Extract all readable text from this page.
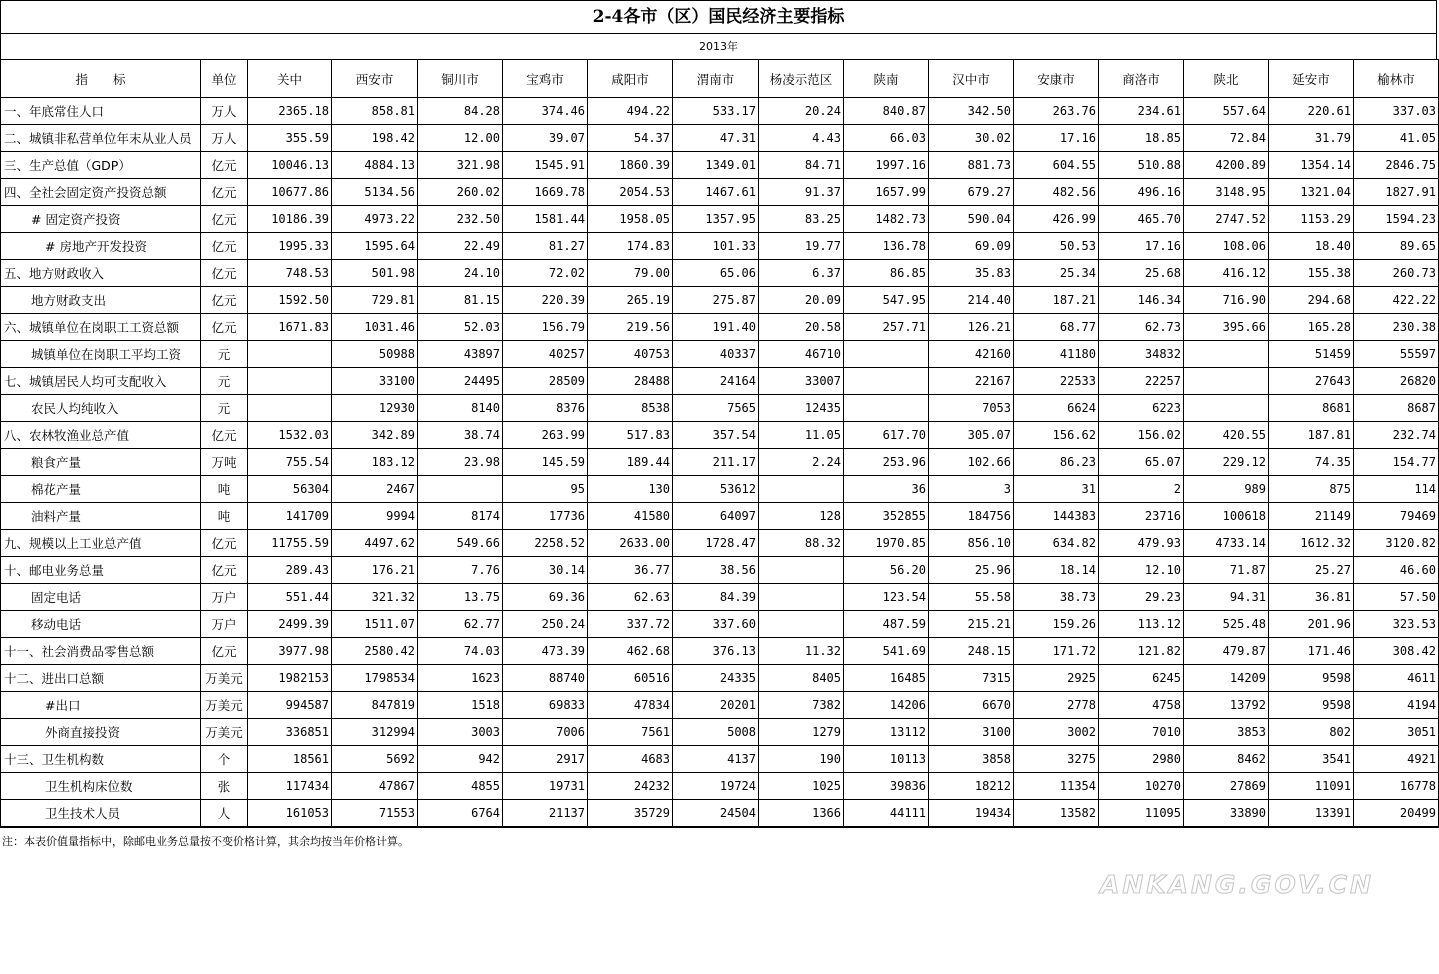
2-4各市（区）国民经济主要指标
2013年
指　　标	单位	关中	西安市	铜川市	宝鸡市	咸阳市	渭南市	杨凌示范区	陕南	汉中市	安康市	商洛市	陕北	延安市	榆林市
一、年底常住人口	万人	2365.18	858.81	84.28	374.46	494.22	533.17	20.24	840.87	342.50	263.76	234.61	557.64	220.61	337.03
二、城镇非私营单位年末从业人员	万人	355.59	198.42	12.00	39.07	54.37	47.31	4.43	66.03	30.02	17.16	18.85	72.84	31.79	41.05
三、生产总值（GDP）	亿元	10046.13	4884.13	321.98	1545.91	1860.39	1349.01	84.71	1997.16	881.73	604.55	510.88	4200.89	1354.14	2846.75
四、全社会固定资产投资总额	亿元	10677.86	5134.56	260.02	1669.78	2054.53	1467.61	91.37	1657.99	679.27	482.56	496.16	3148.95	1321.04	1827.91
# 固定资产投资	亿元	10186.39	4973.22	232.50	1581.44	1958.05	1357.95	83.25	1482.73	590.04	426.99	465.70	2747.52	1153.29	1594.23
# 房地产开发投资	亿元	1995.33	1595.64	22.49	81.27	174.83	101.33	19.77	136.78	69.09	50.53	17.16	108.06	18.40	89.65
五、地方财政收入	亿元	748.53	501.98	24.10	72.02	79.00	65.06	6.37	86.85	35.83	25.34	25.68	416.12	155.38	260.73
地方财政支出	亿元	1592.50	729.81	81.15	220.39	265.19	275.87	20.09	547.95	214.40	187.21	146.34	716.90	294.68	422.22
六、城镇单位在岗职工工资总额	亿元	1671.83	1031.46	52.03	156.79	219.56	191.40	20.58	257.71	126.21	68.77	62.73	395.66	165.28	230.38
城镇单位在岗职工平均工资	元		50988	43897	40257	40753	40337	46710		42160	41180	34832		51459	55597
七、城镇居民人均可支配收入	元		33100	24495	28509	28488	24164	33007		22167	22533	22257		27643	26820
农民人均纯收入	元		12930	8140	8376	8538	7565	12435		7053	6624	6223		8681	8687
八、农林牧渔业总产值	亿元	1532.03	342.89	38.74	263.99	517.83	357.54	11.05	617.70	305.07	156.62	156.02	420.55	187.81	232.74
粮食产量	万吨	755.54	183.12	23.98	145.59	189.44	211.17	2.24	253.96	102.66	86.23	65.07	229.12	74.35	154.77
棉花产量	吨	56304	2467		95	130	53612		36	3	31	2	989	875	114
油料产量	吨	141709	9994	8174	17736	41580	64097	128	352855	184756	144383	23716	100618	21149	79469
九、规模以上工业总产值	亿元	11755.59	4497.62	549.66	2258.52	2633.00	1728.47	88.32	1970.85	856.10	634.82	479.93	4733.14	1612.32	3120.82
十、邮电业务总量	亿元	289.43	176.21	7.76	30.14	36.77	38.56		56.20	25.96	18.14	12.10	71.87	25.27	46.60
固定电话	万户	551.44	321.32	13.75	69.36	62.63	84.39		123.54	55.58	38.73	29.23	94.31	36.81	57.50
移动电话	万户	2499.39	1511.07	62.77	250.24	337.72	337.60		487.59	215.21	159.26	113.12	525.48	201.96	323.53
十一、社会消费品零售总额	亿元	3977.98	2580.42	74.03	473.39	462.68	376.13	11.32	541.69	248.15	171.72	121.82	479.87	171.46	308.42
十二、进出口总额	万美元	1982153	1798534	1623	88740	60516	24335	8405	16485	7315	2925	6245	14209	9598	4611
#出口	万美元	994587	847819	1518	69833	47834	20201	7382	14206	6670	2778	4758	13792	9598	4194
外商直接投资	万美元	336851	312994	3003	7006	7561	5008	1279	13112	3100	3002	7010	3853	802	3051
十三、卫生机构数	个	18561	5692	942	2917	4683	4137	190	10113	3858	3275	2980	8462	3541	4921
卫生机构床位数	张	117434	47867	4855	19731	24232	19724	1025	39836	18212	11354	10270	27869	11091	16778
卫生技术人员	人	161053	71553	6764	21137	35729	24504	1366	44111	19434	13582	11095	33890	13391	20499
注：本表价值量指标中，除邮电业务总量按不变价格计算，其余均按当年价格计算。
ANKANG.GOV.CN
